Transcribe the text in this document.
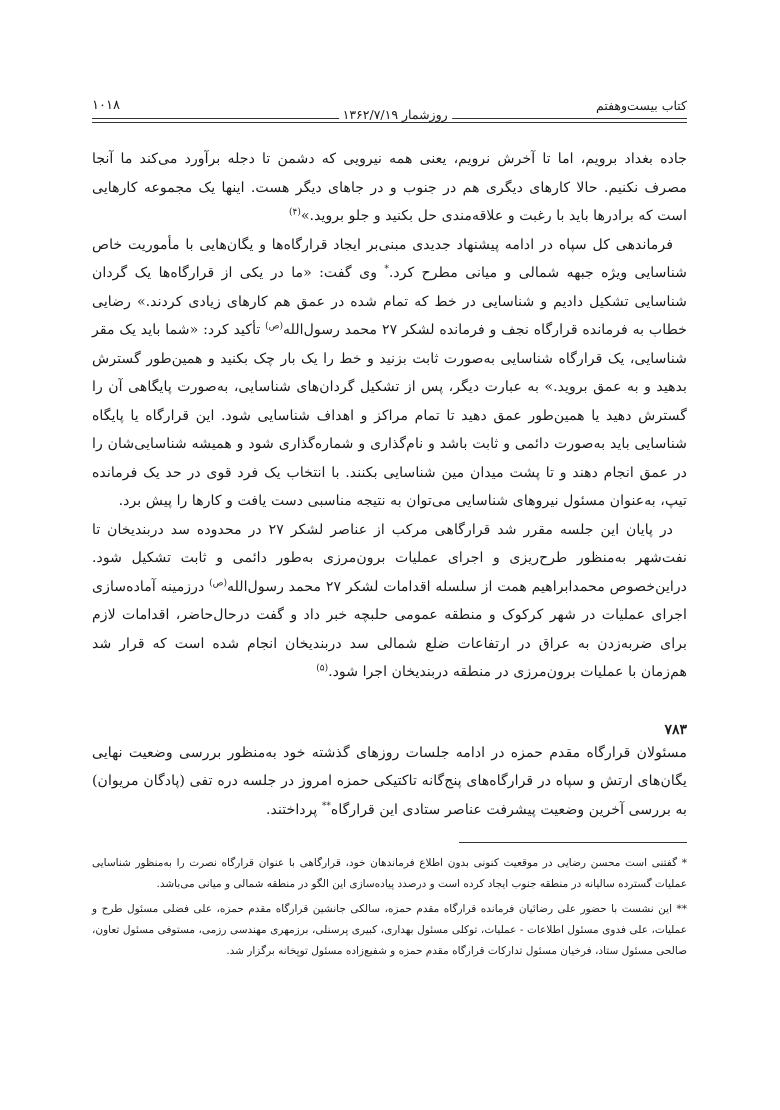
کتاب بیست‌وهفتم
روزشمار ۱۳۶۲/۷/۱۹
۱۰۱۸

جاده بغداد برویم، اما تا آخرش نرویم، یعنی همه نیرویی که دشمن تا دجله برآورد می‌کند ما آنجا مصرف نکنیم. حالا کارهای دیگری هم در جنوب و در جاهای دیگر هست. اینها یک مجموعه کارهایی است که برادرها باید با رغبت و علاقه‌مندی حل بکنید و جلو بروید.»$^{(۴)}$

فرماندهی کل سپاه در ادامه پیشنهاد جدیدی مبنی‌بر ایجاد قرارگاه‌ها و یگان‌هایی با مأموریت خاص شناسایی ویژه جبهه شمالی و میانی مطرح کرد.* وی گفت: «ما در یکی از قرارگاه‌ها یک گردان شناسایی تشکیل دادیم و شناسایی در خط که تمام شده در عمق هم کارهای زیادی کردند.» رضایی خطاب به فرمانده قرارگاه نجف و فرمانده لشکر ۲۷ محمد رسول‌الله$^{(ص)}$ تأکید کرد: «شما باید یک مقر شناسایی، یک قرارگاه شناسایی به‌صورت ثابت بزنید و خط را یک بار چک بکنید و همین‌طور گسترش بدهید و به عمق بروید.» به عبارت دیگر، پس از تشکیل گردان‌های شناسایی، به‌صورت پایگاهی آن را گسترش دهید یا همین‌طور عمق دهید تا تمام مراکز و اهداف شناسایی شود. این قرارگاه یا پایگاه شناسایی باید به‌صورت دائمی و ثابت باشد و نام‌گذاری و شماره‌گذاری شود و همیشه شناسایی‌شان را در عمق انجام دهند و تا پشت میدان مین شناسایی بکنند. با انتخاب یک فرد قوی در حد یک فرمانده تیپ، به‌عنوان مسئول نیروهای شناسایی می‌توان به نتیجه مناسبی دست یافت و کارها را پیش برد.

در پایان این جلسه مقرر شد قرارگاهی مرکب از عناصر لشکر ۲۷ در محدوده سد دربندیخان تا نفت‌شهر به‌منظور طرح‌ریزی و اجرای عملیات برون‌مرزی به‌طور دائمی و ثابت تشکیل شود. دراین‌خصوص محمدابراهیم همت از سلسله اقدامات لشکر ۲۷ محمد رسول‌الله$^{(ص)}$ درزمینه آماده‌سازی اجرای عملیات در شهر کرکوک و منطقه عمومی حلبچه خبر داد و گفت درحال‌حاضر، اقدامات لازم برای ضربه‌زدن به عراق در ارتفاعات ضلع شمالی سد دربندیخان انجام شده است که قرار شد هم‌زمان با عملیات برون‌مرزی در منطقه دربندیخان اجرا شود.$^{(۵)}$

۷۸۳
مسئولان قرارگاه مقدم حمزه در ادامه جلسات روزهای گذشته خود به‌منظور بررسی وضعیت نهایی یگان‌های ارتش و سپاه در قرارگاه‌های پنج‌گانه تاکتیکی حمزه امروز در جلسه دره تفی (پادگان مریوان) به بررسی آخرین وضعیت پیشرفت عناصر ستادی این قرارگاه** پرداختند.

* گفتنی است محسن رضایی در موقعیت کنونی بدون اطلاع فرماندهان خود، قرارگاهی با عنوان قرارگاه نصرت را به‌منظور شناسایی عملیات گسترده سالیانه در منطقه جنوب ایجاد کرده است و درصدد پیاده‌سازی این الگو در منطقه شمالی و میانی می‌باشد.

** این نشست با حضور علی رضائیان فرمانده قرارگاه مقدم حمزه، سالکی جانشین قرارگاه مقدم حمزه، علی فضلی مسئول طرح و عملیات، علی فدوی مسئول اطلاعات - عملیات، توکلی مسئول بهداری، کبیری پرسنلی، برزمهری مهندسی رزمی، مستوفی مسئول تعاون، صالحی مسئول ستاد، فرخیان مسئول تدارکات قرارگاه مقدم حمزه و شفیع‌زاده مسئول توپخانه برگزار شد.
